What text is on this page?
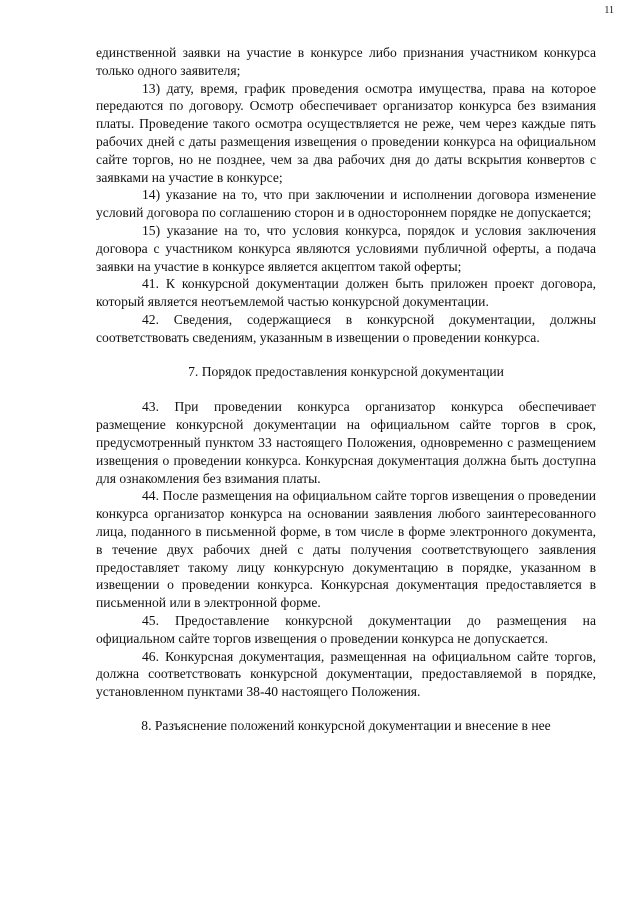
11

единственной заявки на участие в конкурсе либо признания участником конкурса только одного заявителя;

13) дату, время, график проведения осмотра имущества, права на которое передаются по договору. Осмотр обеспечивает организатор конкурса без взимания платы. Проведение такого осмотра осуществляется не реже, чем через каждые пять рабочих дней с даты размещения извещения о проведении конкурса на официальном сайте торгов, но не позднее, чем за два рабочих дня до даты вскрытия конвертов с заявками на участие в конкурсе;

14) указание на то, что при заключении и исполнении договора изменение условий договора по соглашению сторон и в одностороннем порядке не допускается;

15) указание на то, что условия конкурса, порядок и условия заключения договора с участником конкурса являются условиями публичной оферты, а подача заявки на участие в конкурсе является акцептом такой оферты;

41. К конкурсной документации должен быть приложен проект договора, который является неотъемлемой частью конкурсной документации.

42. Сведения, содержащиеся в конкурсной документации, должны соответствовать сведениям, указанным в извещении о проведении конкурса.

7. Порядок предоставления конкурсной документации

43. При проведении конкурса организатор конкурса обеспечивает размещение конкурсной документации на официальном сайте торгов в срок, предусмотренный пунктом 33 настоящего Положения, одновременно с размещением извещения о проведении конкурса. Конкурсная документация должна быть доступна для ознакомления без взимания платы.

44. После размещения на официальном сайте торгов извещения о проведении конкурса организатор конкурса на основании заявления любого заинтересованного лица, поданного в письменной форме, в том числе в форме электронного документа, в течение двух рабочих дней с даты получения соответствующего заявления предоставляет такому лицу конкурсную документацию в порядке, указанном в извещении о проведении конкурса. Конкурсная документация предоставляется в письменной или в электронной форме.

45. Предоставление конкурсной документации до размещения на официальном сайте торгов извещения о проведении конкурса не допускается.

46. Конкурсная документация, размещенная на официальном сайте торгов, должна соответствовать конкурсной документации, предоставляемой в порядке, установленном пунктами 38-40 настоящего Положения.

8. Разъяснение положений конкурсной документации и внесение в нее
